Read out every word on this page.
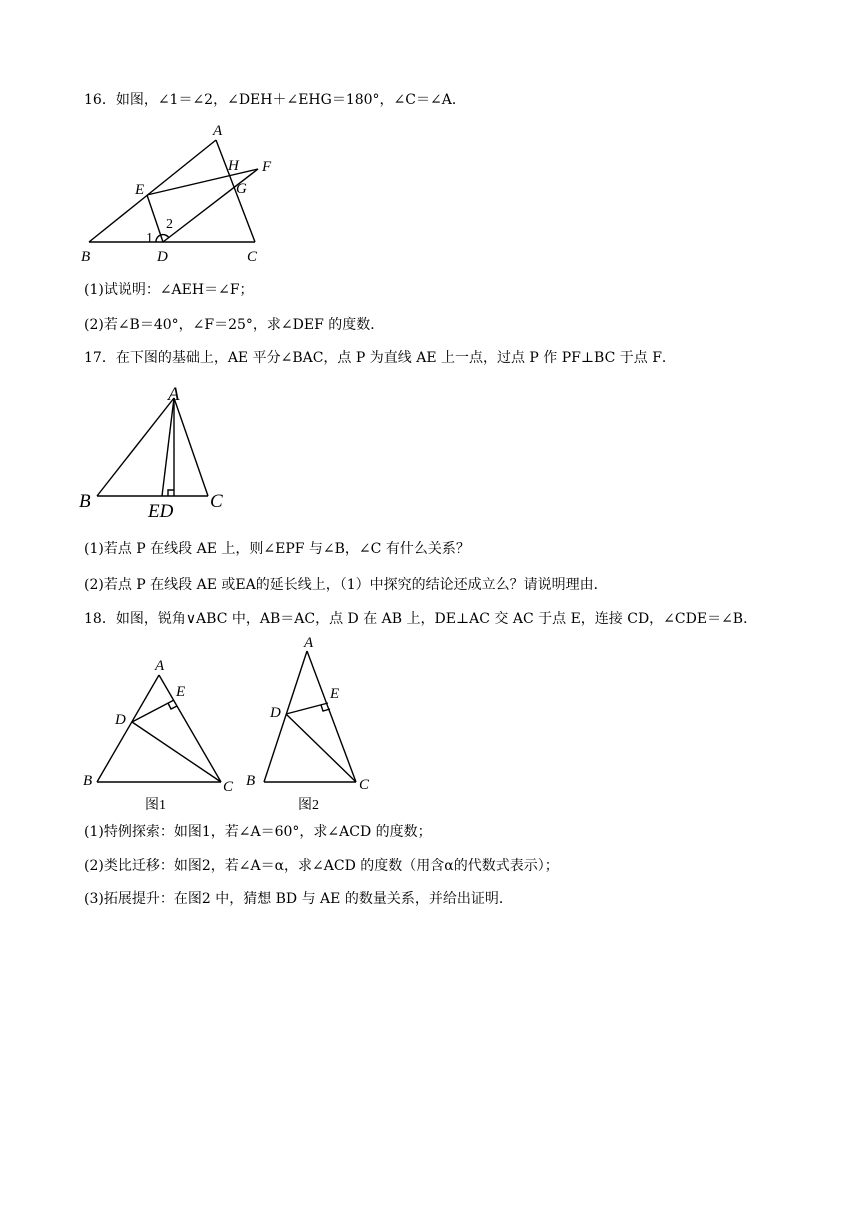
16．如图，∠1＝∠2，∠DEH＋∠EHG＝180°，∠C＝∠A．

A
B	C
D
E
F
G
H
1
2

(1)试说明：∠AEH＝∠F；

(2)若∠B＝40°，∠F＝25°，求∠DEF 的度数．

17．在下图的基础上，AE 平分∠BAC，点 P 为直线 AE 上一点，过点 P 作 PF⊥BC 于点 F．

A
B	C
ED

(1)若点 P 在线段 AE 上，则∠EPF 与∠B，∠C 有什么关系？

(2)若点 P 在线段 AE 或EA的延长线上，（1）中探究的结论还成立么？请说明理由．

18．如图，锐角∨ABC 中，AB＝AC，点 D 在 AB 上，DE⊥AC 交 AC 于点 E，连接 CD，∠CDE＝∠B．

A
B	C
D
E
图1
A
B	C
D
E
图2

(1)特例探索：如图1，若∠A＝60°，求∠ACD 的度数；

(2)类比迁移：如图2，若∠A＝α，求∠ACD 的度数（用含α的代数式表示）；

(3)拓展提升：在图2 中，猜想 BD 与 AE 的数量关系，并给出证明．
